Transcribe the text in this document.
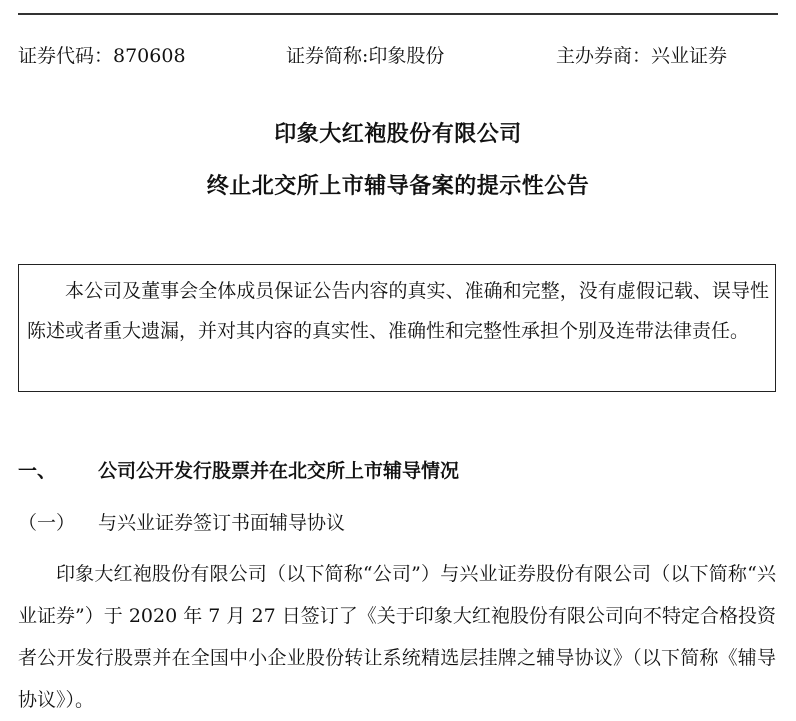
证券代码：870608	证券简称:印象股份	主办券商：兴业证券
印象大红袍股份有限公司
终止北交所上市辅导备案的提示性公告

本公司及董事会全体成员保证公告内容的真实、准确和完整，没有虚假记载、误导性陈述或者重大遗漏，并对其内容的真实性、准确性和完整性承担个别及连带法律责任。

一、 公司公开发行股票并在北交所上市辅导情况
（一） 与兴业证券签订书面辅导协议

印象大红袍股份有限公司（以下简称“公司”）与兴业证券股份有限公司（以下简称“兴业证券”）于 2020 年 7 月 27 日签订了《关于印象大红袍股份有限公司向不特定合格投资者公开发行股票并在全国中小企业股份转让系统精选层挂牌之辅导协议》（以下简称《辅导协议》）。
